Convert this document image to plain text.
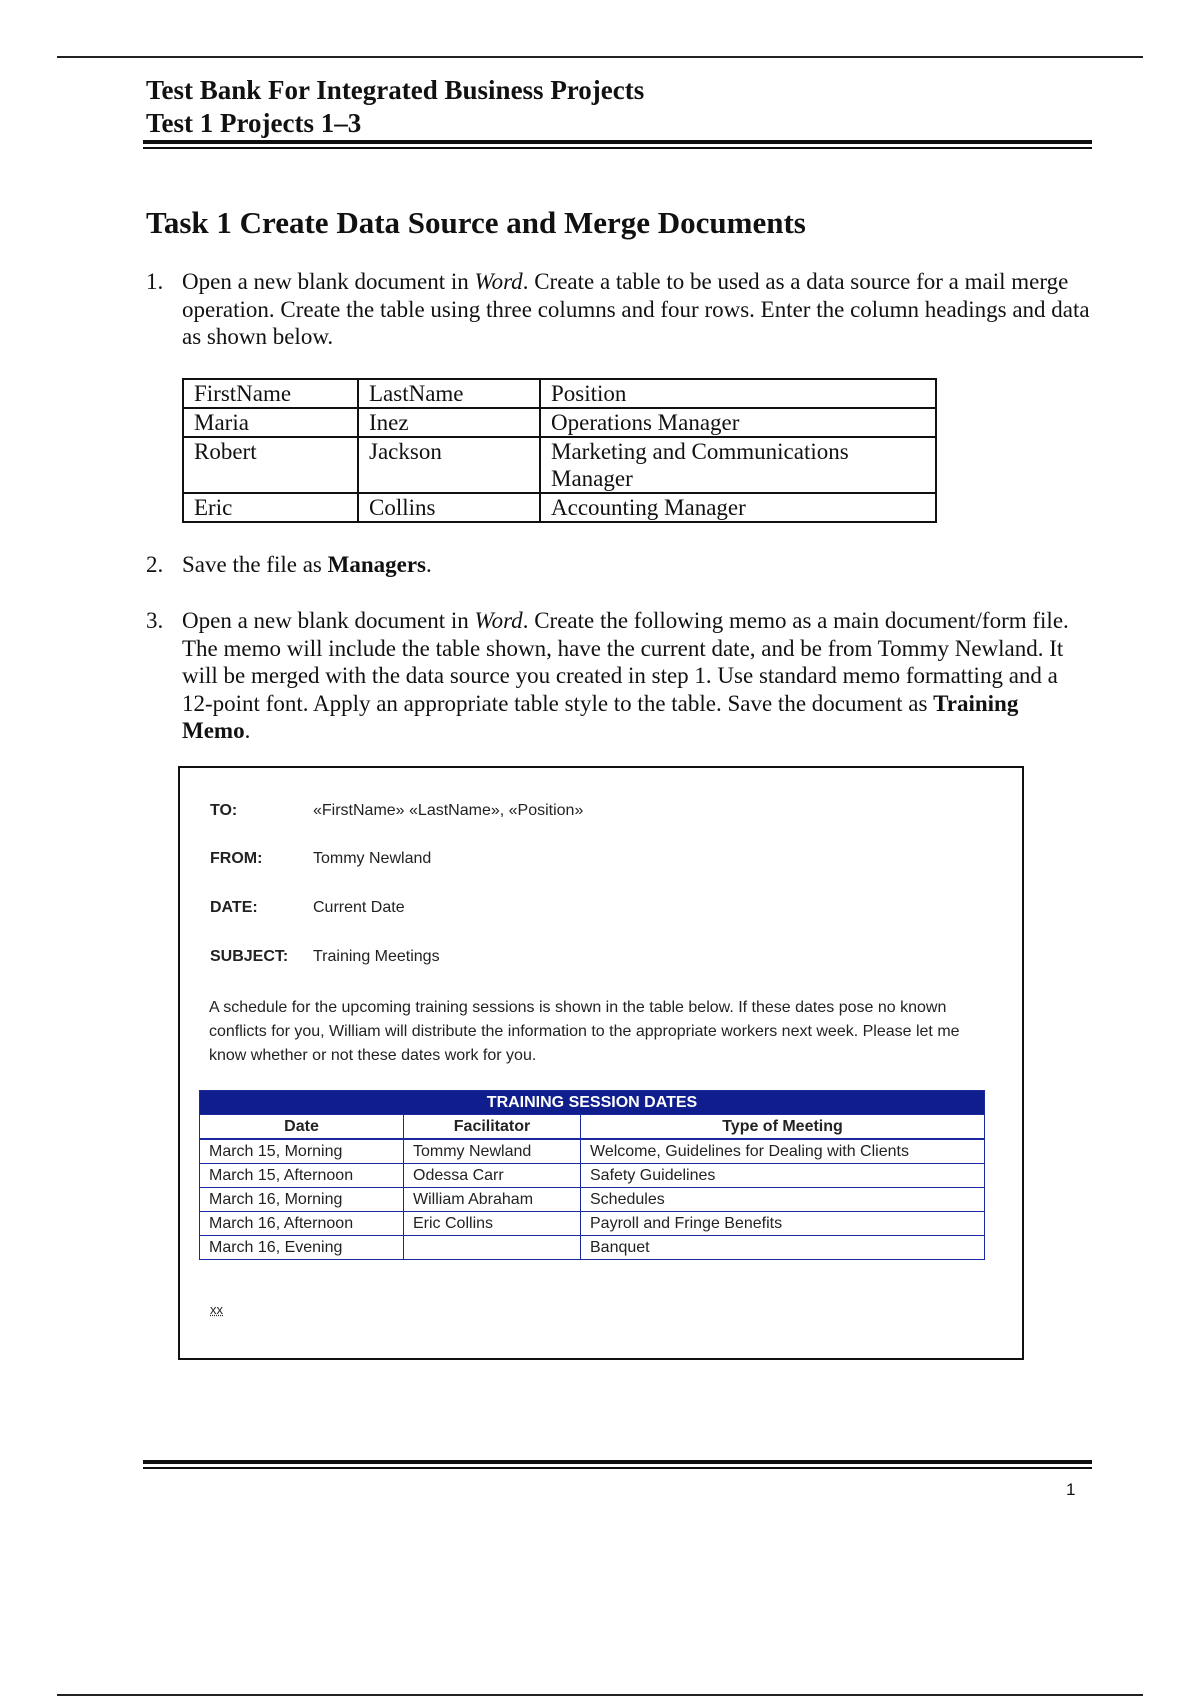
Test Bank For Integrated Business Projects
Test 1 Projects 1–3
Task 1 Create Data Source and Merge Documents
1. Open a new blank document in Word. Create a table to be used as a data source for a mail merge operation. Create the table using three columns and four rows. Enter the column headings and data as shown below.
FirstName	LastName	Position
Maria	Inez	Operations Manager
Robert	Jackson	Marketing and Communications Manager
Eric	Collins	Accounting Manager
2. Save the file as Managers.
3. Open a new blank document in Word. Create the following memo as a main document/form file. The memo will include the table shown, have the current date, and be from Tommy Newland. It will be merged with the data source you created in step 1. Use standard memo formatting and a 12-point font. Apply an appropriate table style to the table. Save the document as Training Memo.
TO:	«FirstName» «LastName», «Position»
FROM:	Tommy Newland
DATE:	Current Date
SUBJECT: Training Meetings
A schedule for the upcoming training sessions is shown in the table below. If these dates pose no known conflicts for you, William will distribute the information to the appropriate workers next week. Please let me know whether or not these dates work for you.
TRAINING SESSION DATES		
Date	Facilitator	Type of Meeting
March 15, Morning	Tommy Newland	Welcome, Guidelines for Dealing with Clients
March 15, Afternoon	Odessa Carr	Safety Guidelines
March 16, Morning	William Abraham	Schedules
March 16, Afternoon	Eric Collins	Payroll and Fringe Benefits
March 16, Evening		Banquet
xx
1
